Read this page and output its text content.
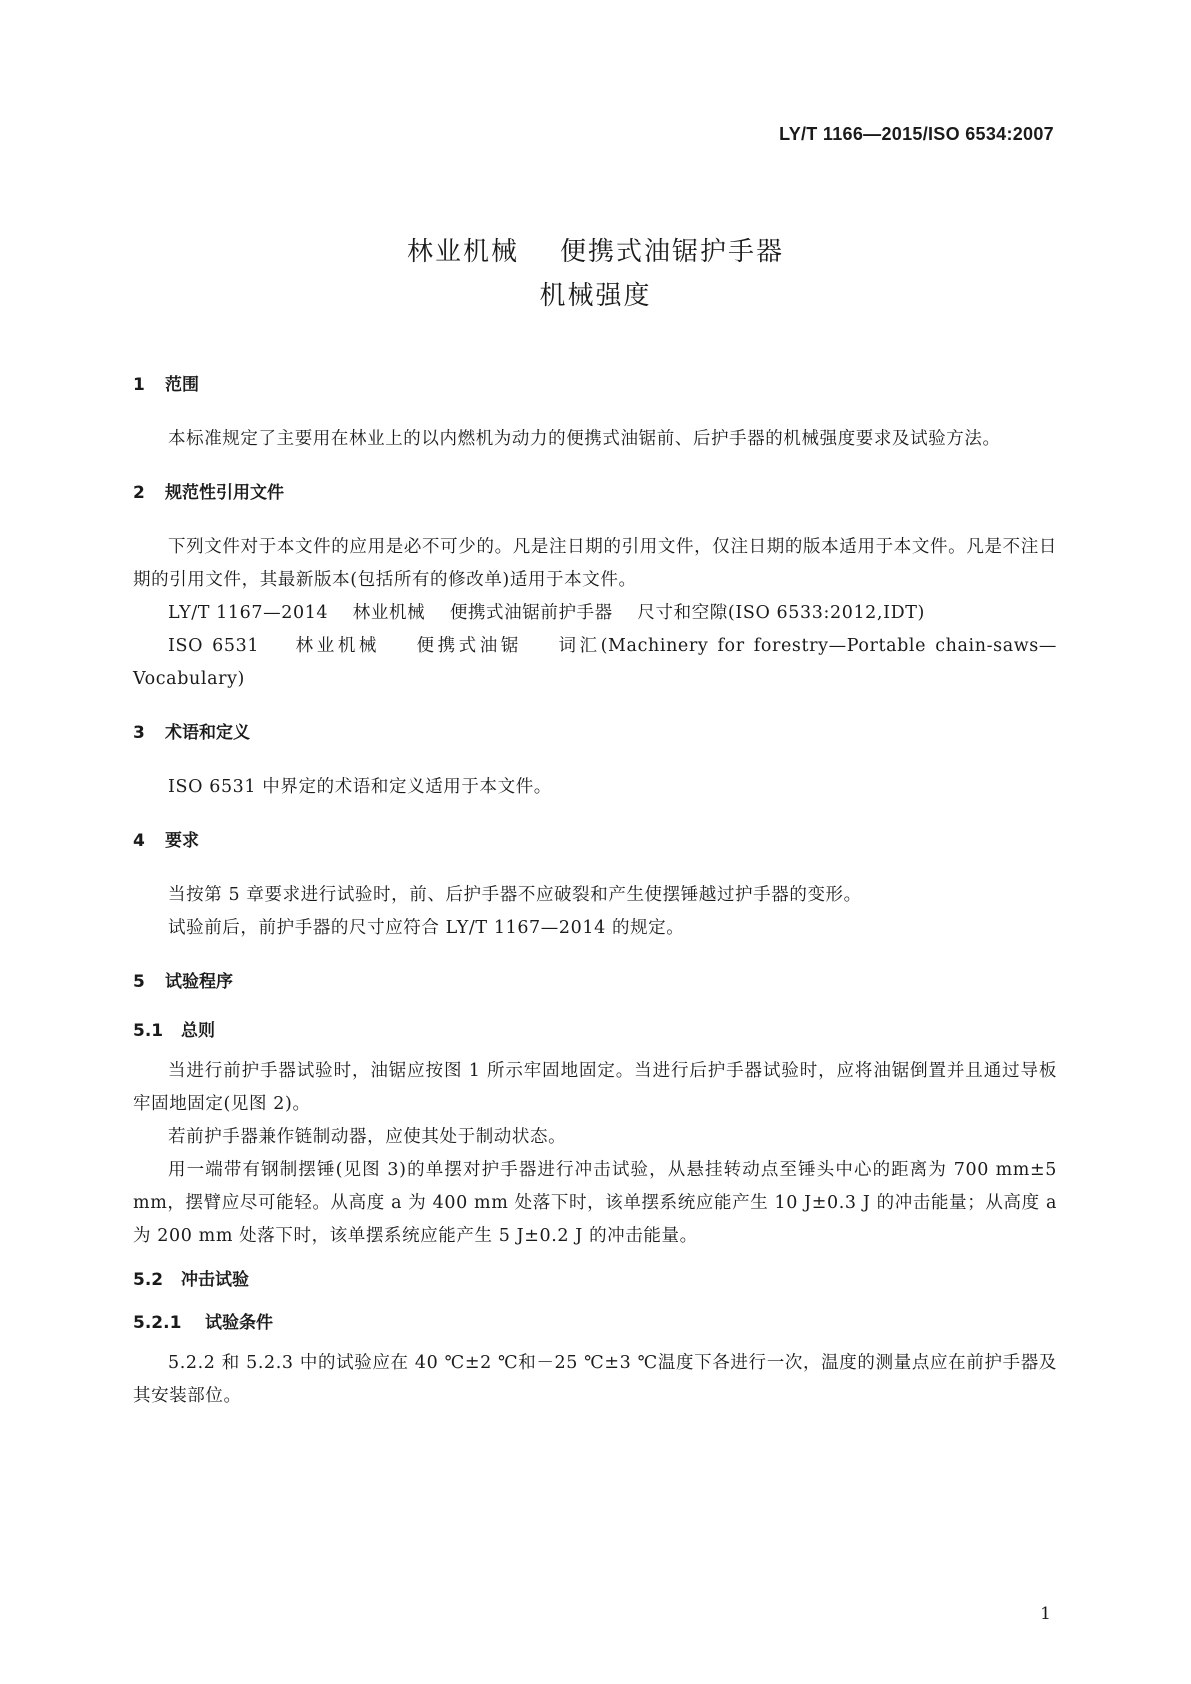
LY/T 1166—2015/ISO 6534:2007
林业机械    便携式油锯护手器
机械强度
1 范围

本标准规定了主要用在林业上的以内燃机为动力的便携式油锯前、后护手器的机械强度要求及试验方法。

2 规范性引用文件

下列文件对于本文件的应用是必不可少的。凡是注日期的引用文件，仅注日期的版本适用于本文件。凡是不注日期的引用文件，其最新版本(包括所有的修改单)适用于本文件。

LY/T 1167—2014    林业机械    便携式油锯前护手器    尺寸和空隙(ISO 6533:2012,IDT)

ISO 6531    林业机械    便携式油锯    词汇(Machinery for forestry—Portable chain-saws—Vocabulary)

3 术语和定义

ISO 6531 中界定的术语和定义适用于本文件。

4 要求

当按第 5 章要求进行试验时，前、后护手器不应破裂和产生使摆锤越过护手器的变形。

试验前后，前护手器的尺寸应符合 LY/T 1167—2014 的规定。

5 试验程序
5.1 总则

当进行前护手器试验时，油锯应按图 1 所示牢固地固定。当进行后护手器试验时，应将油锯倒置并且通过导板牢固地固定(见图 2)。

若前护手器兼作链制动器，应使其处于制动状态。

用一端带有钢制摆锤(见图 3)的单摆对护手器进行冲击试验，从悬挂转动点至锤头中心的距离为 700 mm±5 mm，摆臂应尽可能轻。从高度 a 为 400 mm 处落下时，该单摆系统应能产生 10 J±0.3 J 的冲击能量；从高度 a 为 200 mm 处落下时，该单摆系统应能产生 5 J±0.2 J 的冲击能量。

5.2 冲击试验
5.2.1 试验条件

5.2.2 和 5.2.3 中的试验应在 40 ℃±2 ℃和－25 ℃±3 ℃温度下各进行一次，温度的测量点应在前护手器及其安装部位。

1
